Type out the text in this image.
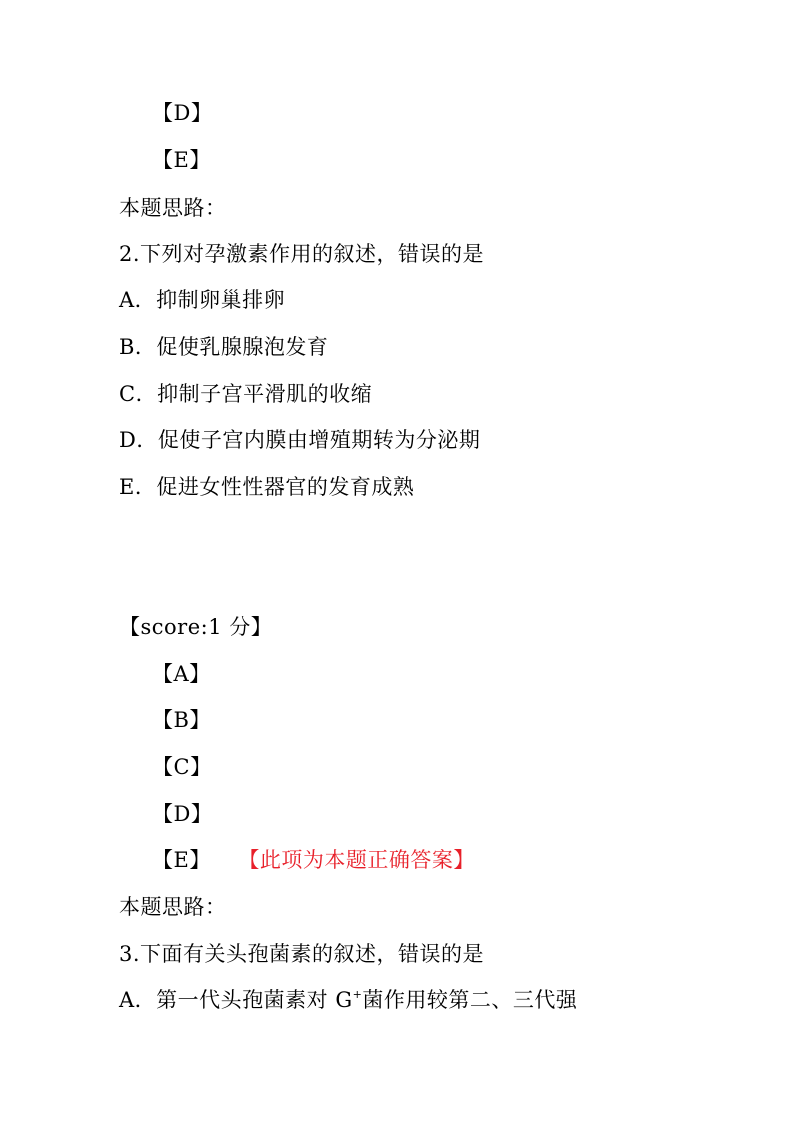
【D】
【E】
本题思路：
2.下列对孕激素作用的叙述，错误的是
A．抑制卵巢排卵
B．促使乳腺腺泡发育
C．抑制子宫平滑肌的收缩
D．促使子宫内膜由增殖期转为分泌期
E．促进女性性器官的发育成熟
【score:1 分】
【A】
【B】
【C】
【D】
【E】 【此项为本题正确答案】
本题思路：
3.下面有关头孢菌素的叙述，错误的是
A．第一代头孢菌素对 G+菌作用较第二、三代强
